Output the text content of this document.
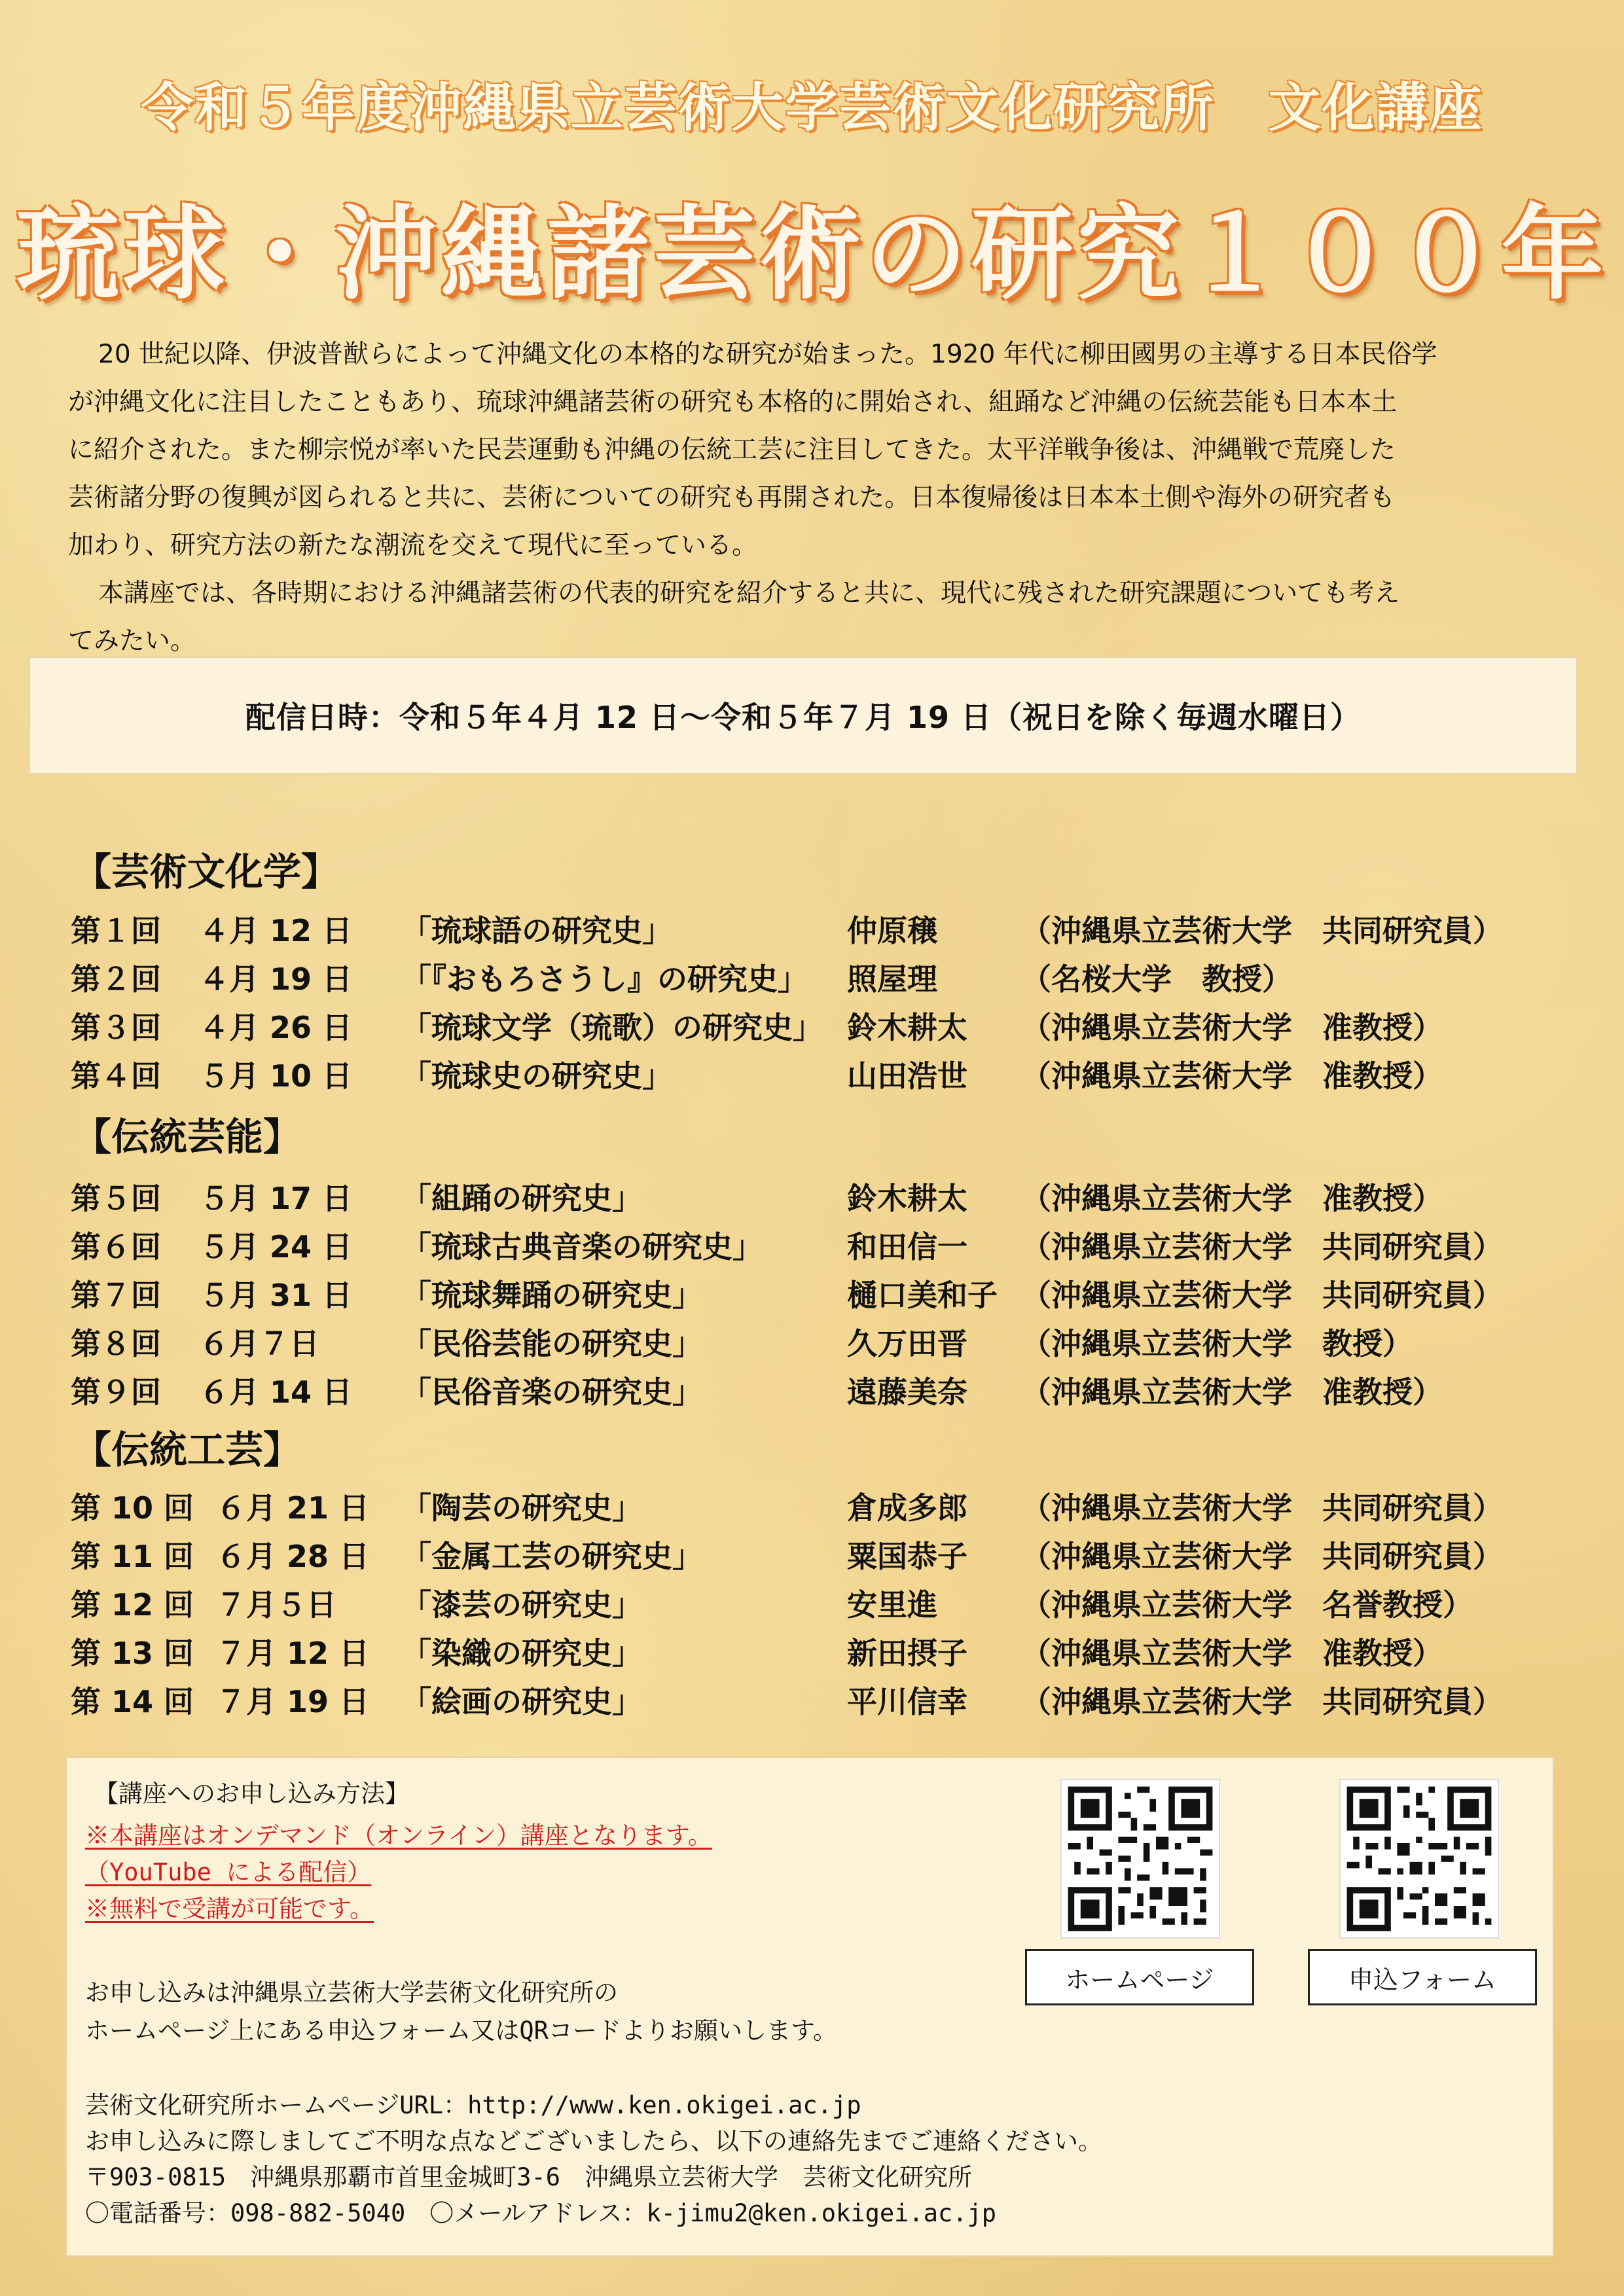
令和５年度沖縄県立芸術大学芸術文化研究所　文化講座
琉球・沖縄諸芸術の研究１００年
20 世紀以降、伊波普猷らによって沖縄文化の本格的な研究が始まった。1920 年代に柳田國男の主導する日本民俗学
が沖縄文化に注目したこともあり、琉球沖縄諸芸術の研究も本格的に開始され、組踊など沖縄の伝統芸能も日本本土
に紹介された。また柳宗悦が率いた民芸運動も沖縄の伝統工芸に注目してきた。太平洋戦争後は、沖縄戦で荒廃した
芸術諸分野の復興が図られると共に、芸術についての研究も再開された。日本復帰後は日本本土側や海外の研究者も
加わり、研究方法の新たな潮流を交えて現代に至っている。
本講座では、各時期における沖縄諸芸術の代表的研究を紹介すると共に、現代に残された研究課題についても考え
てみたい。
配信日時：令和５年４月 12 日～令和５年７月 19 日（祝日を除く毎週水曜日）
【芸術文化学】
第１回 ４月 12 日 「琉球語の研究史」	仲原穣	（沖縄県立芸術大学　共同研究員）
第２回 ４月 19 日 「『おもろさうし』の研究史」 照屋理	（名桜大学　教授）
第３回 ４月 26 日 「琉球文学（琉歌）の研究史」 鈴木耕太 （沖縄県立芸術大学　准教授）
第４回 ５月 10 日 「琉球史の研究史」	山田浩世 （沖縄県立芸術大学　准教授）
【伝統芸能】
第５回 ５月 17 日 「組踊の研究史」	鈴木耕太 （沖縄県立芸術大学　准教授）
第６回 ５月 24 日 「琉球古典音楽の研究史」	和田信一 （沖縄県立芸術大学　共同研究員）
第７回 ５月 31 日 「琉球舞踊の研究史」	樋口美和子 （沖縄県立芸術大学　共同研究員）
第８回 ６月７日	「民俗芸能の研究史」	久万田晋 （沖縄県立芸術大学　教授）
第９回 ６月 14 日 「民俗音楽の研究史」	遠藤美奈 （沖縄県立芸術大学　准教授）
【伝統工芸】
第 10 回 ６月 21 日 「陶芸の研究史」	倉成多郎 （沖縄県立芸術大学　共同研究員）
第 11 回 ６月 28 日 「金属工芸の研究史」	粟国恭子 （沖縄県立芸術大学　共同研究員）
第 12 回 ７月５日 「漆芸の研究史」	安里進	（沖縄県立芸術大学　名誉教授）
第 13 回 ７月 12 日 「染織の研究史」	新田摂子 （沖縄県立芸術大学　准教授）
第 14 回 ７月 19 日 「絵画の研究史」	平川信幸 （沖縄県立芸術大学　共同研究員）
【講座へのお申し込み方法】
※本講座はオンデマンド（オンライン）講座となります。
（YouTube による配信）
※無料で受講が可能です。
お申し込みは沖縄県立芸術大学芸術文化研究所の
ホームページ上にある申込フォーム又はQRコードよりお願いします。
芸術文化研究所ホームページURL：http://www.ken.okigei.ac.jp
お申し込みに際しましてご不明な点などございましたら、以下の連絡先までご連絡ください。
〒903-0815　沖縄県那覇市首里金城町3-6　沖縄県立芸術大学　芸術文化研究所
〇電話番号：098-882-5040　〇メールアドレス：k-jimu2@ken.okigei.ac.jp
ホームページ	申込フォーム
